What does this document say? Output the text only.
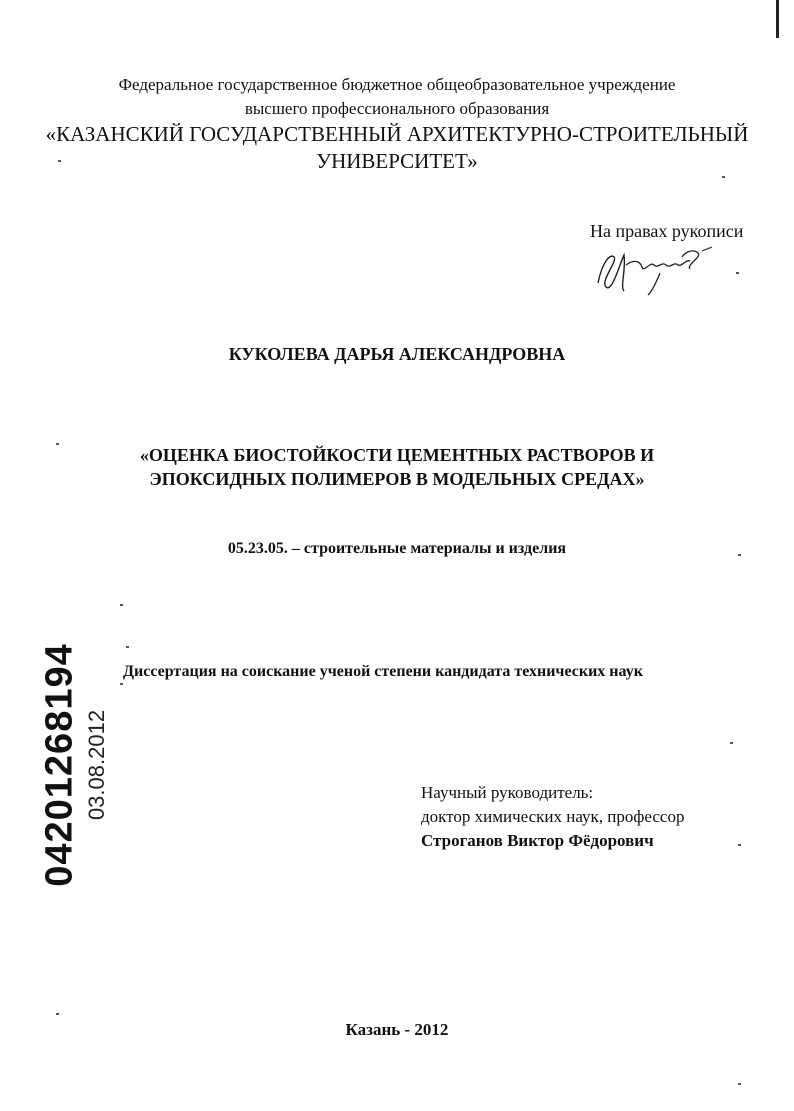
Федеральное государственное бюджетное общеобразовательное учреждение
высшего профессионального образования
«КАЗАНСКИЙ ГОСУДАРСТВЕННЫЙ АРХИТЕКТУРНО-СТРОИТЕЛЬНЫЙ
УНИВЕРСИТЕТ»
На правах рукописи
КУКОЛЕВА ДАРЬЯ АЛЕКСАНДРОВНА
«ОЦЕНКА БИОСТОЙКОСТИ ЦЕМЕНТНЫХ РАСТВОРОВ И
ЭПОКСИДНЫХ ПОЛИМЕРОВ В МОДЕЛЬНЫХ СРЕДАХ»
05.23.05. – строительные материалы и изделия
Диссертация на соискание ученой степени кандидата технических наук
Научный руководитель:
доктор химических наук, профессор
Строганов Виктор Фёдорович
Казань - 2012
04201268194 03.08.2012
